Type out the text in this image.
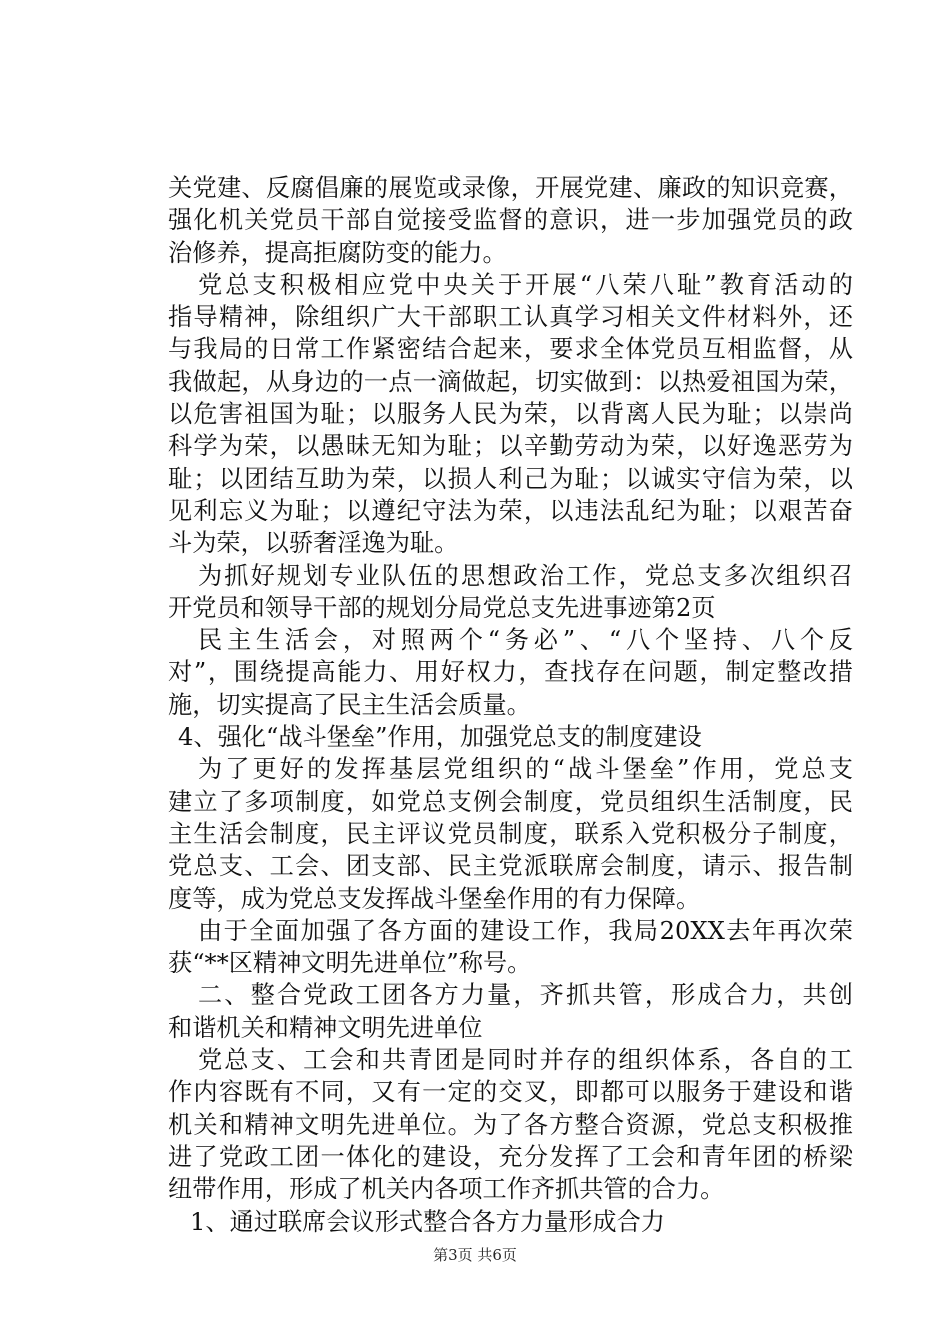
关党建、反腐倡廉的展览或录像，开展党建、廉政的知识竞赛，
强化机关党员干部自觉接受监督的意识，进一步加强党员的政
治修养，提高拒腐防变的能力。
党总支积极相应党中央关于开展“八荣八耻”教育活动的
指导精神，除组织广大干部职工认真学习相关文件材料外，还
与我局的日常工作紧密结合起来，要求全体党员互相监督，从
我做起，从身边的一点一滴做起，切实做到：以热爱祖国为荣，
以危害祖国为耻；以服务人民为荣，以背离人民为耻；以崇尚
科学为荣，以愚昧无知为耻；以辛勤劳动为荣，以好逸恶劳为
耻；以团结互助为荣，以损人利己为耻；以诚实守信为荣，以
见利忘义为耻；以遵纪守法为荣，以违法乱纪为耻；以艰苦奋
斗为荣，以骄奢淫逸为耻。
为抓好规划专业队伍的思想政治工作，党总支多次组织召
开党员和领导干部的规划分局党总支先进事迹第2页
民主生活会，对照两个“务必”、“八个坚持、八个反
对”，围绕提高能力、用好权力，查找存在问题，制定整改措
施，切实提高了民主生活会质量。
4、强化“战斗堡垒”作用，加强党总支的制度建设
为了更好的发挥基层党组织的“战斗堡垒”作用，党总支
建立了多项制度，如党总支例会制度，党员组织生活制度，民
主生活会制度，民主评议党员制度，联系入党积极分子制度，
党总支、工会、团支部、民主党派联席会制度，请示、报告制
度等，成为党总支发挥战斗堡垒作用的有力保障。
由于全面加强了各方面的建设工作，我局20XX去年再次荣
获“**区精神文明先进单位”称号。
二、整合党政工团各方力量，齐抓共管，形成合力，共创
和谐机关和精神文明先进单位
党总支、工会和共青团是同时并存的组织体系，各自的工
作内容既有不同，又有一定的交叉，即都可以服务于建设和谐
机关和精神文明先进单位。为了各方整合资源，党总支积极推
进了党政工团一体化的建设，充分发挥了工会和青年团的桥梁
纽带作用，形成了机关内各项工作齐抓共管的合力。
1、通过联席会议形式整合各方力量形成合力
第3页 共6页
